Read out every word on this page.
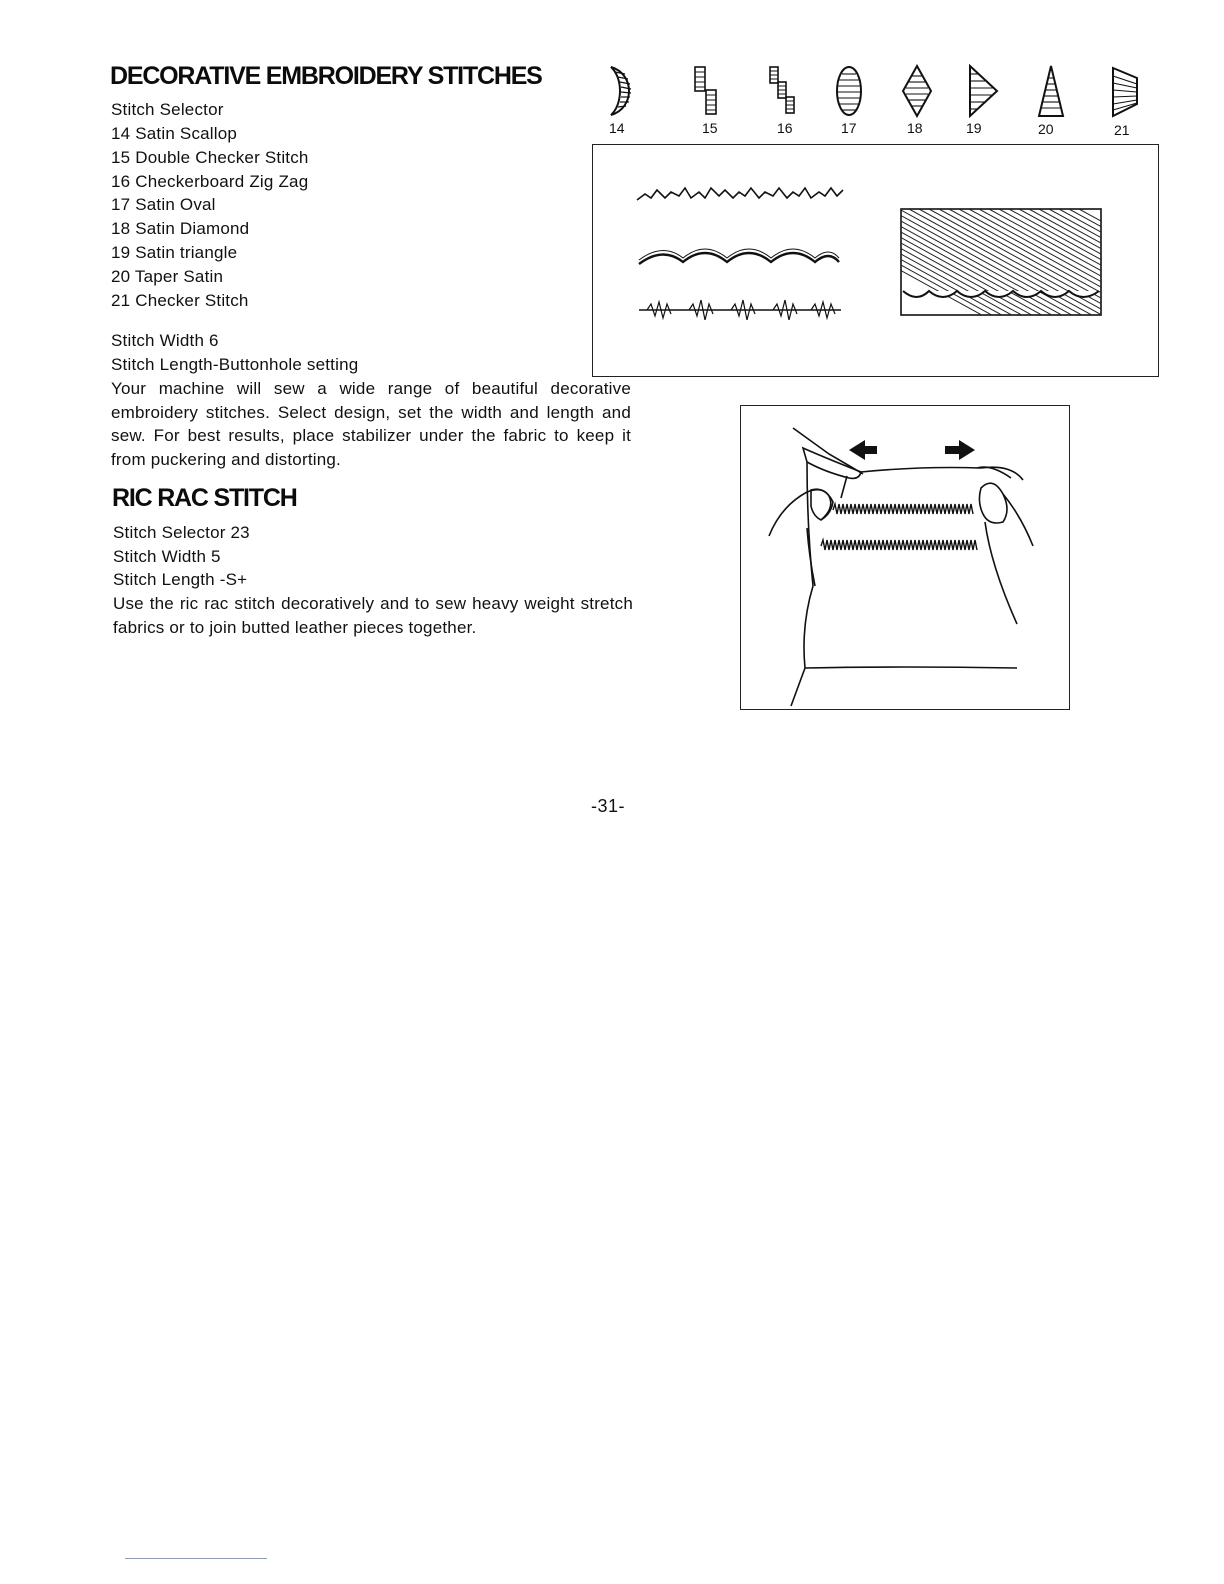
DECORATIVE EMBROIDERY STITCHES
Stitch Selector
14 Satin Scallop
15 Double Checker Stitch
16 Checkerboard Zig Zag
17 Satin Oval
18 Satin Diamond
19 Satin triangle
20 Taper Satin
21 Checker Stitch
Stitch Width 6
Stitch Length-Buttonhole setting
Your machine will sew a wide range of beautiful decorative embroidery stitches. Select design, set the width and length and sew. For best results, place stabilizer under the fabric to keep it from puckering and distorting.
14	15	16	17	18	19	20	21
RIC RAC STITCH
Stitch Selector 23
Stitch Width 5
Stitch Length -S+
Use the ric rac stitch decoratively and to sew heavy weight stretch fabrics or to join butted leather pieces together.
-31-
